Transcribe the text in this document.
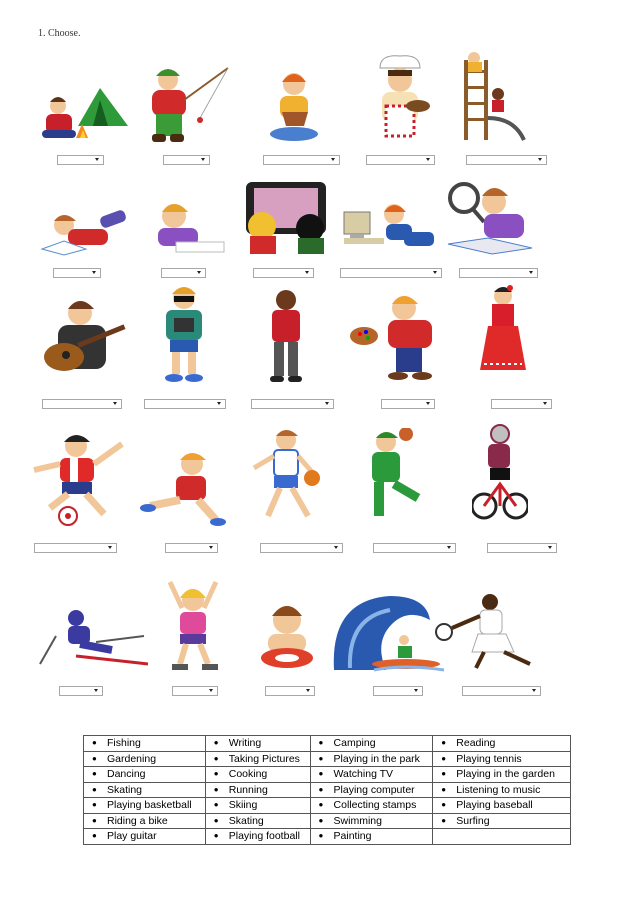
1. Choose.
● Fishing	● Writing	● Camping	● Reading
● Gardening	● Taking Pictures	● Playing in the park	● Playing tennis
● Dancing	● Cooking	● Watching TV	● Playing in the garden
● Skating	● Running	● Playing computer	● Listening to music
● Playing basketball	● Skiing	● Collecting stamps	● Playing baseball
● Riding a bike	● Skating	● Swimming	● Surfing
● Play guitar	● Playing football	● Painting	
